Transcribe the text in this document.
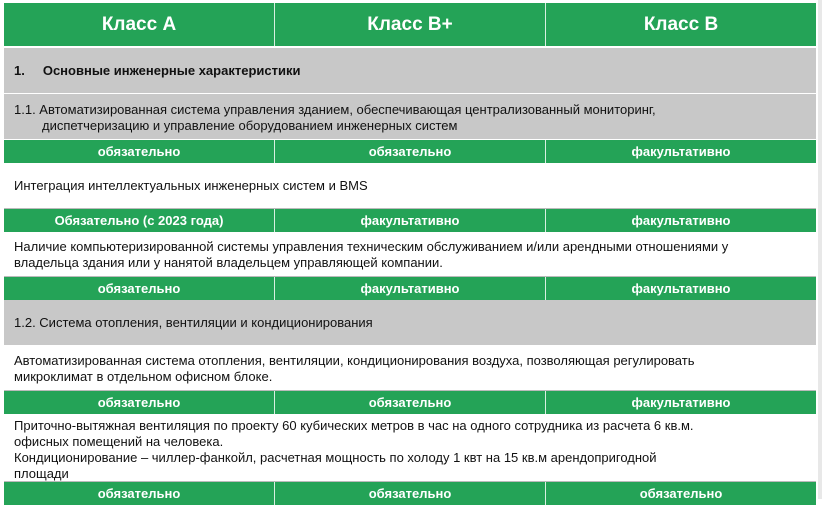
Класс A	Класс B+	Класс B
1. Основные инженерные характеристики
1.1. Автоматизированная система управления зданием, обеспечивающая централизованный мониторинг,
диспетчеризацию и управление оборудованием инженерных систем
обязательно	обязательно	факультативно
Интеграция интеллектуальных инженерных систем и BMS
Обязательно (с 2023 года)	факультативно	факультативно
Наличие компьютеризированной системы управления техническим обслуживанием и/или арендными отношениями у
владельца здания или у нанятой владельцем управляющей компании.
обязательно	факультативно	факультативно
1.2. Система отопления, вентиляции и кондиционирования
Автоматизированная система отопления, вентиляции, кондиционирования воздуха, позволяющая регулировать
микроклимат в отдельном офисном блоке.
обязательно	обязательно	факультативно
Приточно-вытяжная вентиляция по проекту 60 кубических метров в час на одного сотрудника из расчета 6 кв.м.
офисных помещений на человека.
Кондиционирование – чиллер-фанкойл, расчетная мощность по холоду 1 квт на 15 кв.м арендопригодной
площади
обязательно	обязательно	обязательно
